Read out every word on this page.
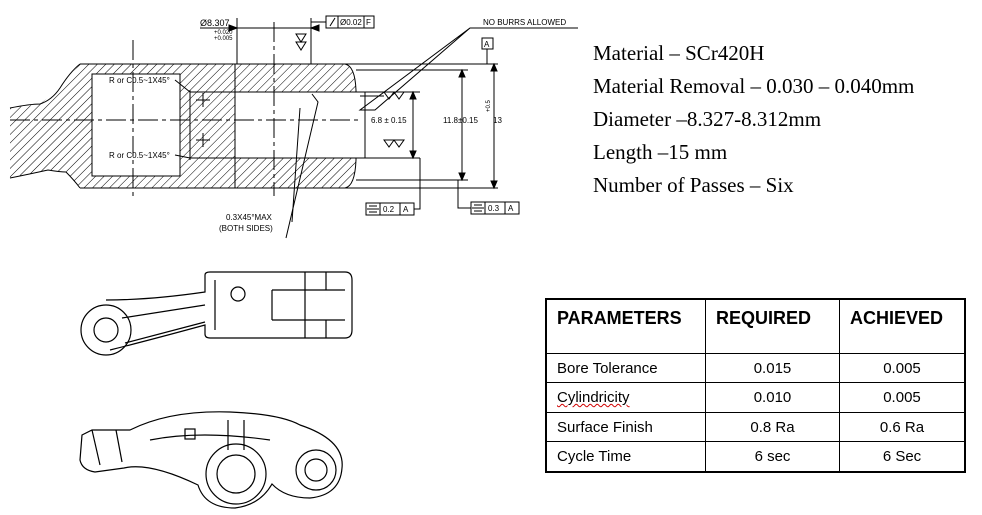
Ø8.307
+0.020
+0.005
Ø0.02 F	NO BURRS ALLOWED
A
6.8 ± 0.15	11.8±0.15 13
+0.5
R or C0.5~1X45°
R or C0.5~1X45°
0.3X45°MAX
(BOTH SIDES)
0.2 A	0.3 A
Material – SCr420H
Material Removal – 0.030 – 0.040mm
Diameter –8.327-8.312mm
Length –15 mm
Number of Passes – Six
PARAMETERS	REQUIRED	ACHIEVED
Bore Tolerance	0.015	0.005
Cylindricity	0.010	0.005
Surface Finish	0.8 Ra	0.6 Ra
Cycle Time	6 sec	6 Sec
